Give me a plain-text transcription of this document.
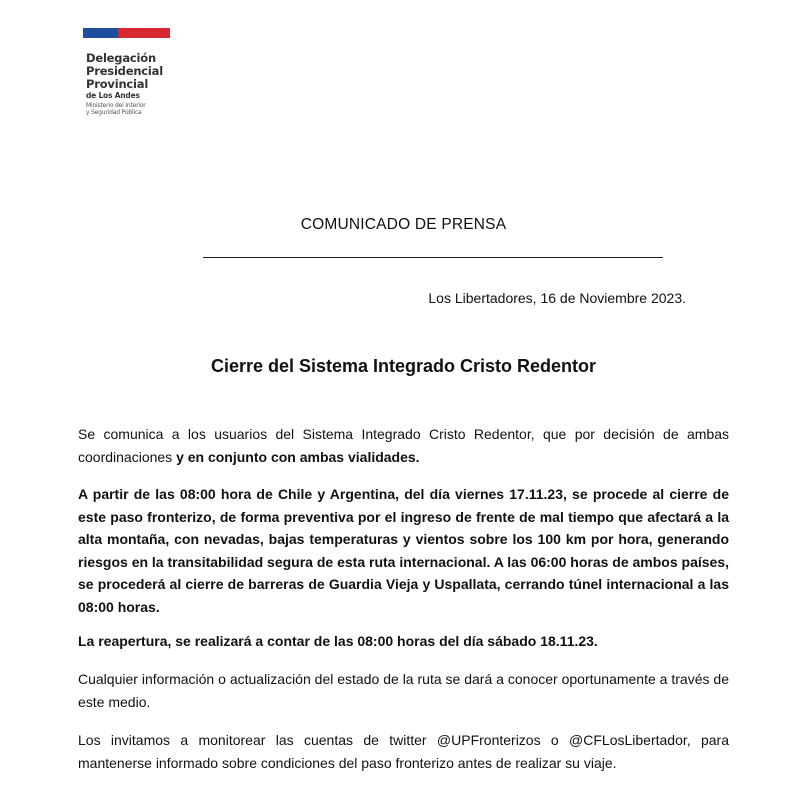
Delegación
Presidencial
Provincial
de Los Andes
Ministerio del Interior
y Seguridad Pública
COMUNICADO DE PRENSA
Los Libertadores, 16 de Noviembre 2023.
Cierre del Sistema Integrado Cristo Redentor

Se comunica a los usuarios del Sistema Integrado Cristo Redentor, que por decisión de ambas coordinaciones y en conjunto con ambas vialidades.

A partir de las 08:00 hora de Chile y Argentina, del día viernes 17.11.23, se procede al cierre de este paso fronterizo, de forma preventiva por el ingreso de frente de mal tiempo que afectará a la alta montaña, con nevadas, bajas temperaturas y vientos sobre los 100 km por hora, generando riesgos en la transitabilidad segura de esta ruta internacional. A las 06:00 horas de ambos países, se procederá al cierre de barreras de Guardia Vieja y Uspallata, cerrando túnel internacional a las 08:00 horas.

La reapertura, se realizará a contar de las 08:00 horas del día sábado 18.11.23.

Cualquier información o actualización del estado de la ruta se dará a conocer oportunamente a través de este medio.

Los invitamos a monitorear las cuentas de twitter @UPFronterizos o @CFLosLibertador, para mantenerse informado sobre condiciones del paso fronterizo antes de realizar su viaje.
